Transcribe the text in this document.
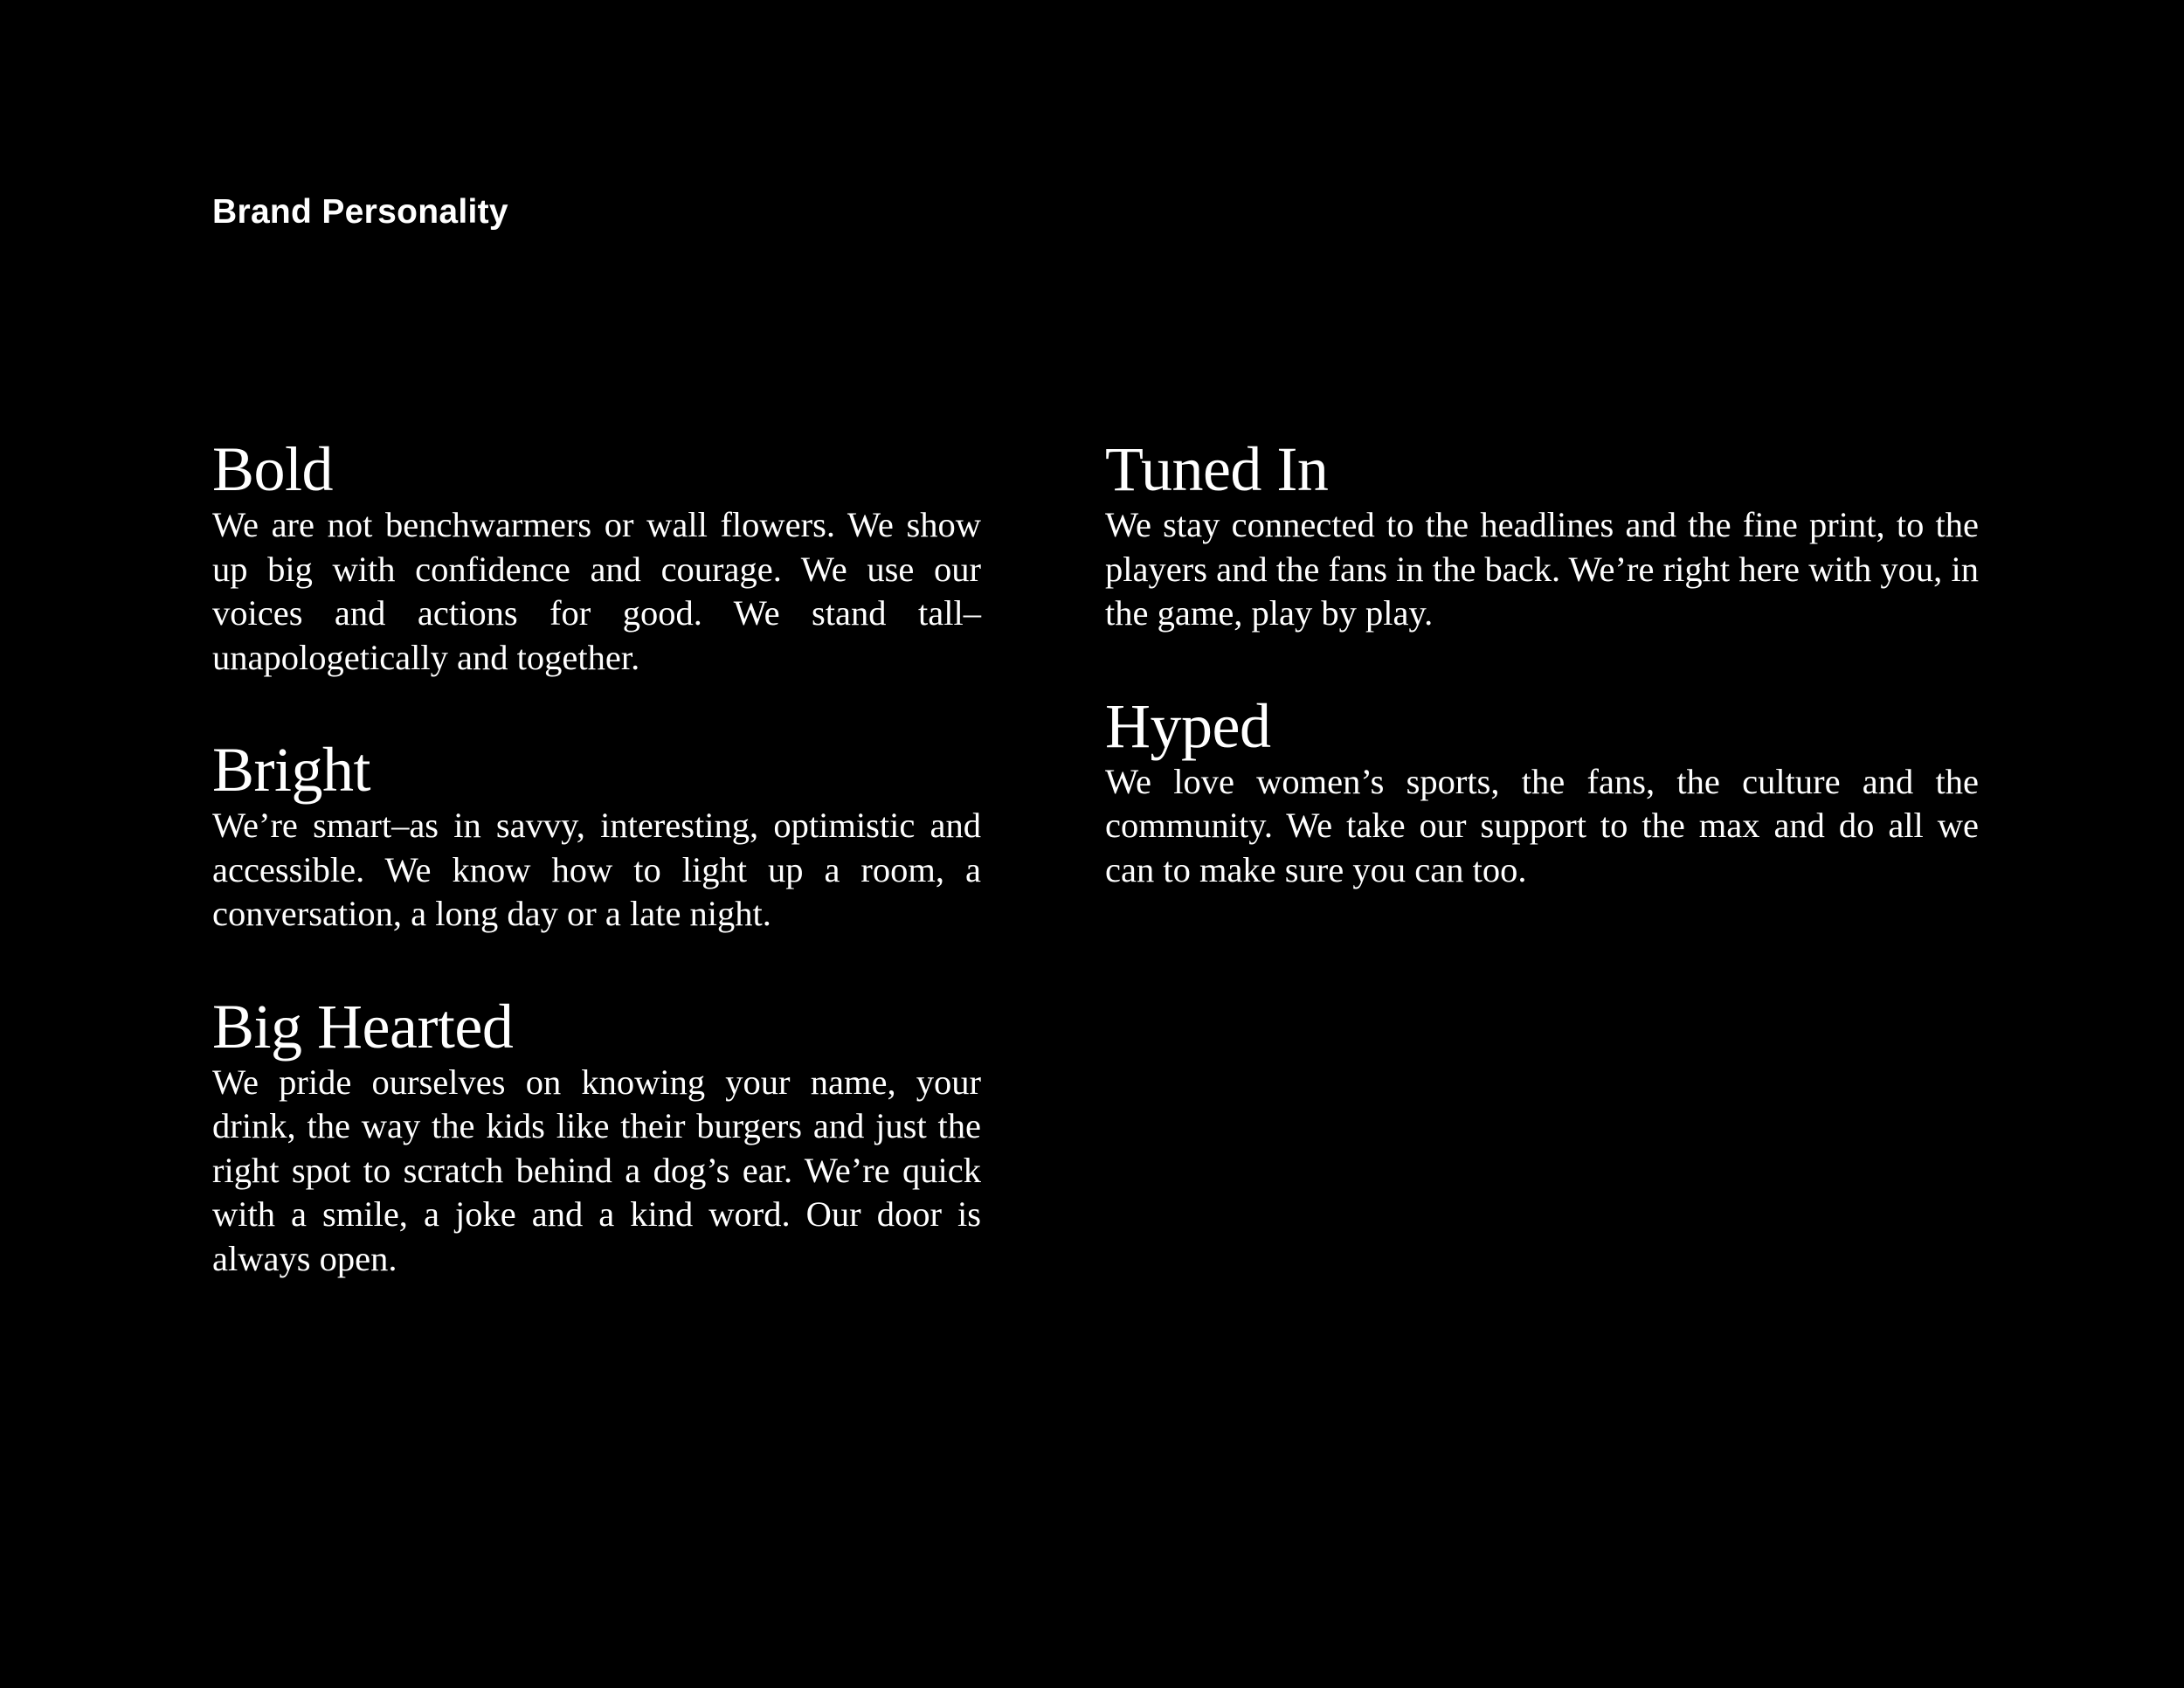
Brand Personality
Bold

We are not benchwarmers or wall flowers. We show up big with confidence and courage. We use our voices and actions for good. We stand tall–unapologetically and together.

Bright

We’re smart–as in savvy, interesting, optimistic and accessible. We know how to light up a room, a conversation, a long day or a late night.

Big Hearted

We pride ourselves on knowing your name, your drink, the way the kids like their burgers and just the right spot to scratch behind a dog’s ear. We’re quick with a smile, a joke and a kind word. Our door is always open.

Tuned In

We stay connected to the headlines and the fine print, to the players and the fans in the back. We’re right here with you, in the game, play by play.

Hyped

We love women’s sports, the fans, the culture and the community. We take our support to the max and do all we can to make sure you can too.
